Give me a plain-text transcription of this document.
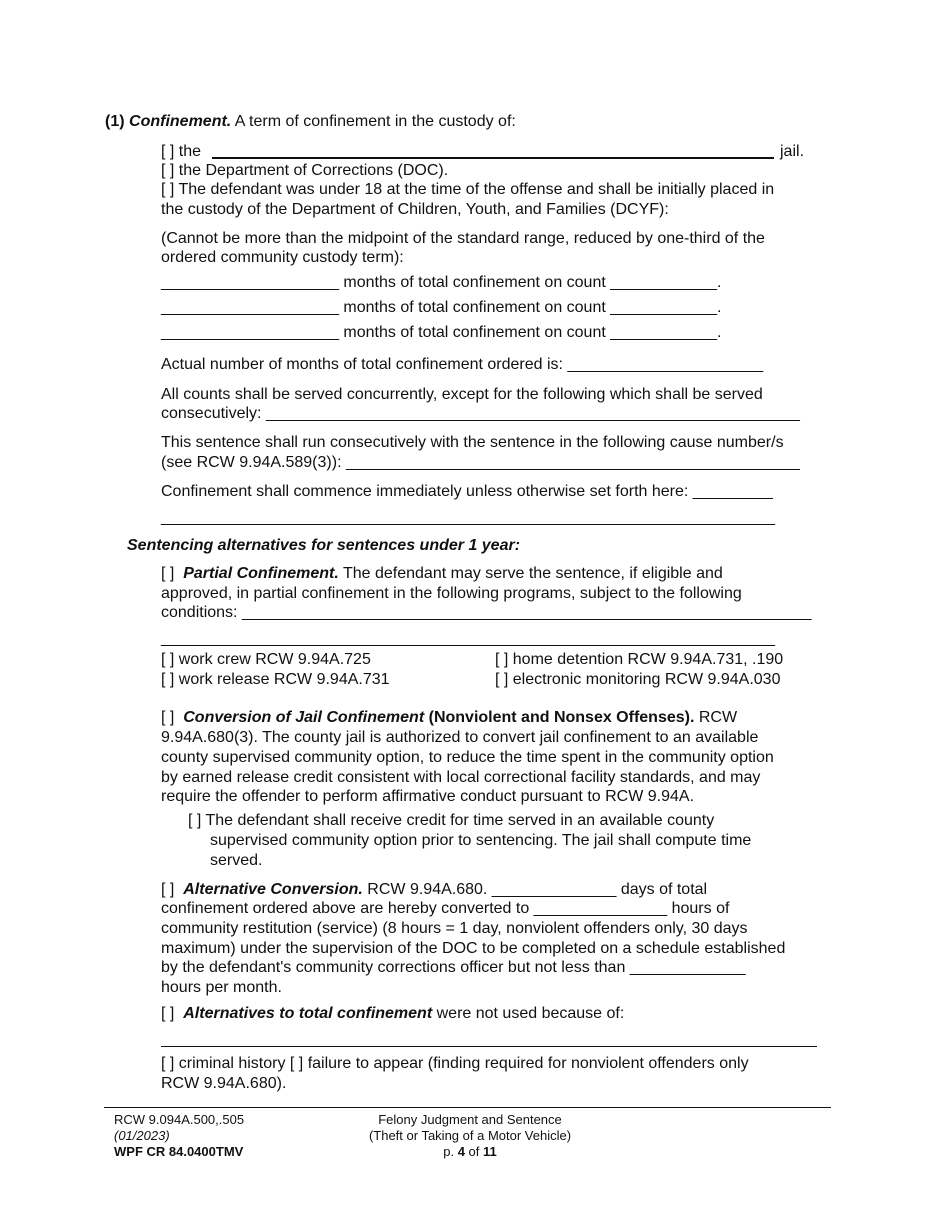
(1) Confinement. A term of confinement in the custody of:
[ ] the	jail.
[ ] the Department of Corrections (DOC).
[ ] The defendant was under 18 at the time of the offense and shall be initially placed in
the custody of the Department of Children, Youth, and Families (DCYF):
(Cannot be more than the midpoint of the standard range, reduced by one-third of the
ordered community custody term):
____________________ months of total confinement on count ____________.
____________________ months of total confinement on count ____________.
____________________ months of total confinement on count ____________.
Actual number of months of total confinement ordered is: ______________________
All counts shall be served concurrently, except for the following which shall be served
consecutively: ____________________________________________________________
This sentence shall run consecutively with the sentence in the following cause number/s
(see RCW 9.94A.589(3)): ___________________________________________________
Confinement shall commence immediately unless otherwise set forth here: _________
_____________________________________________________________________
Sentencing alternatives for sentences under 1 year:
[ ] Partial Confinement. The defendant may serve the sentence, if eligible and
approved, in partial confinement in the following programs, subject to the following
conditions: ________________________________________________________________
_____________________________________________________________________
[ ] work crew RCW 9.94A.725	[ ] home detention RCW 9.94A.731, .190
[ ] work release RCW 9.94A.731	[ ] electronic monitoring RCW 9.94A.030
[ ] Conversion of Jail Confinement (Nonviolent and Nonsex Offenses). RCW
9.94A.680(3). The county jail is authorized to convert jail confinement to an available
county supervised community option, to reduce the time spent in the community option
by earned release credit consistent with local correctional facility standards, and may
require the offender to perform affirmative conduct pursuant to RCW 9.94A.
[ ] The defendant shall receive credit for time served in an available county
supervised community option prior to sentencing. The jail shall compute time
served.
[ ] Alternative Conversion. RCW 9.94A.680. ______________ days of total
confinement ordered above are hereby converted to _______________ hours of
community restitution (service) (8 hours = 1 day, nonviolent offenders only, 30 days
maximum) under the supervision of the DOC to be completed on a schedule established
by the defendant's community corrections officer but not less than _____________
hours per month.
[ ] Alternatives to total confinement were not used because of:
[ ] criminal history [ ] failure to appear (finding required for nonviolent offenders only
RCW 9.94A.680).
RCW 9.094A.500,.505
(01/2023)
WPF CR 84.0400TMV
Felony Judgment and Sentence
(Theft or Taking of a Motor Vehicle)
p. 4 of 11
